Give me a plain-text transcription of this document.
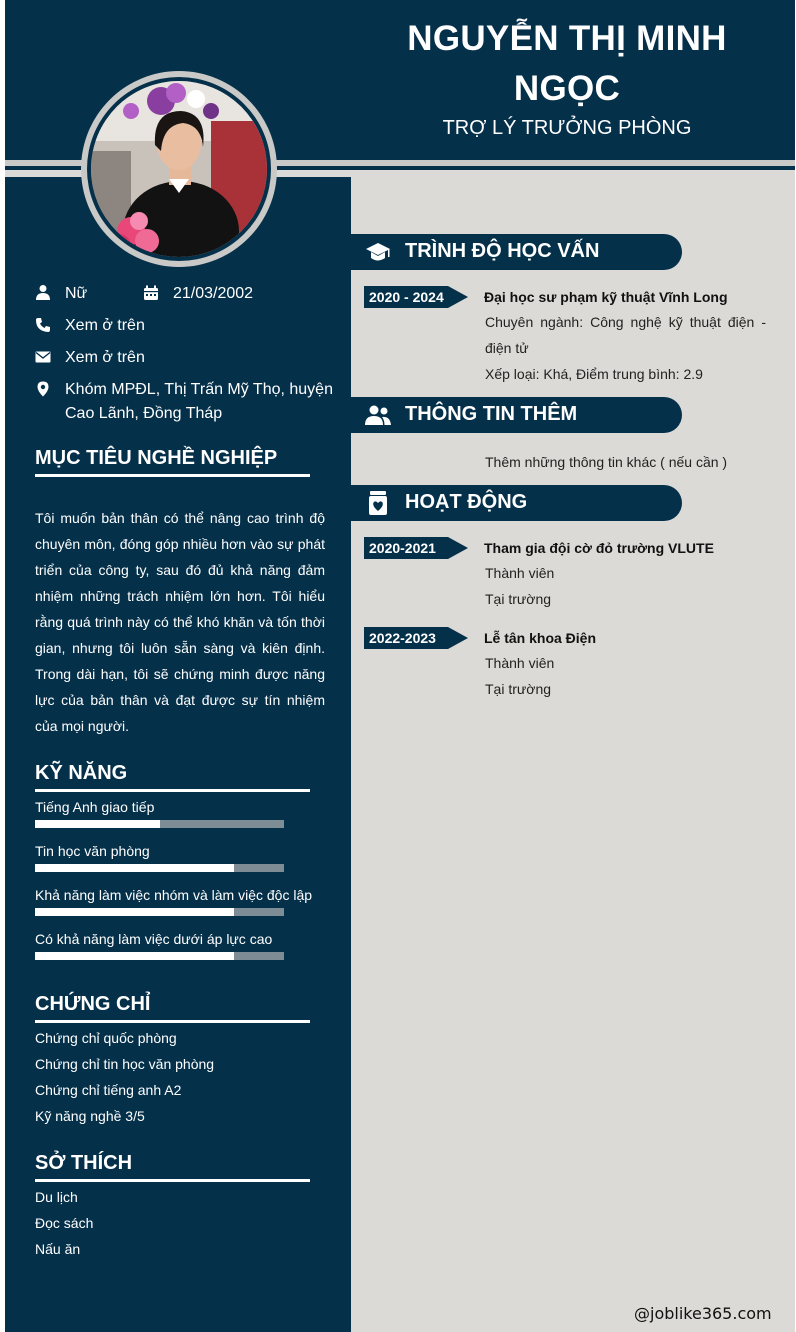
NGUYỄN THỊ MINH
NGỌC
TRỢ LÝ TRƯỞNG PHÒNG
Nữ	21/03/2002
Xem ở trên
Xem ở trên
Khóm MPĐL, Thị Trấn Mỹ Thọ, huyện
Cao Lãnh, Đồng Tháp
MỤC TIÊU NGHỀ NGHIỆP
Tôi muốn bản thân có thể nâng cao trình độ chuyên môn, đóng góp nhiều hơn vào sự phát triển của công ty, sau đó đủ khả năng đảm nhiệm những trách nhiệm lớn hơn. Tôi hiểu rằng quá trình này có thể khó khăn và tốn thời gian, nhưng tôi luôn sẵn sàng và kiên định. Trong dài hạn, tôi sẽ chứng minh được năng lực của bản thân và đạt được sự tín nhiệm của mọi người.
KỸ NĂNG
Tiếng Anh giao tiếp
Tin học văn phòng
Khả năng làm việc nhóm và làm việc độc lập
Có khả năng làm việc dưới áp lực cao
CHỨNG CHỈ
Chứng chỉ quốc phòng
Chứng chỉ tin học văn phòng
Chứng chỉ tiếng anh A2
Kỹ năng nghề 3/5
SỞ THÍCH
Du lịch
Đọc sách
Nấu ăn
TRÌNH ĐỘ HỌC VẤN
2020 - 2024	Đại học sư phạm kỹ thuật Vĩnh Long
Chuyên ngành: Công nghệ kỹ thuật điện - điện tử
Xếp loại: Khá, Điểm trung bình: 2.9
THÔNG TIN THÊM
Thêm những thông tin khác ( nếu cần )
HOẠT ĐỘNG
2020-2021	Tham gia đội cờ đỏ trường VLUTE
Thành viên
Tại trường
2022-2023	Lễ tân khoa Điện
Thành viên
Tại trường
@joblike365.com
